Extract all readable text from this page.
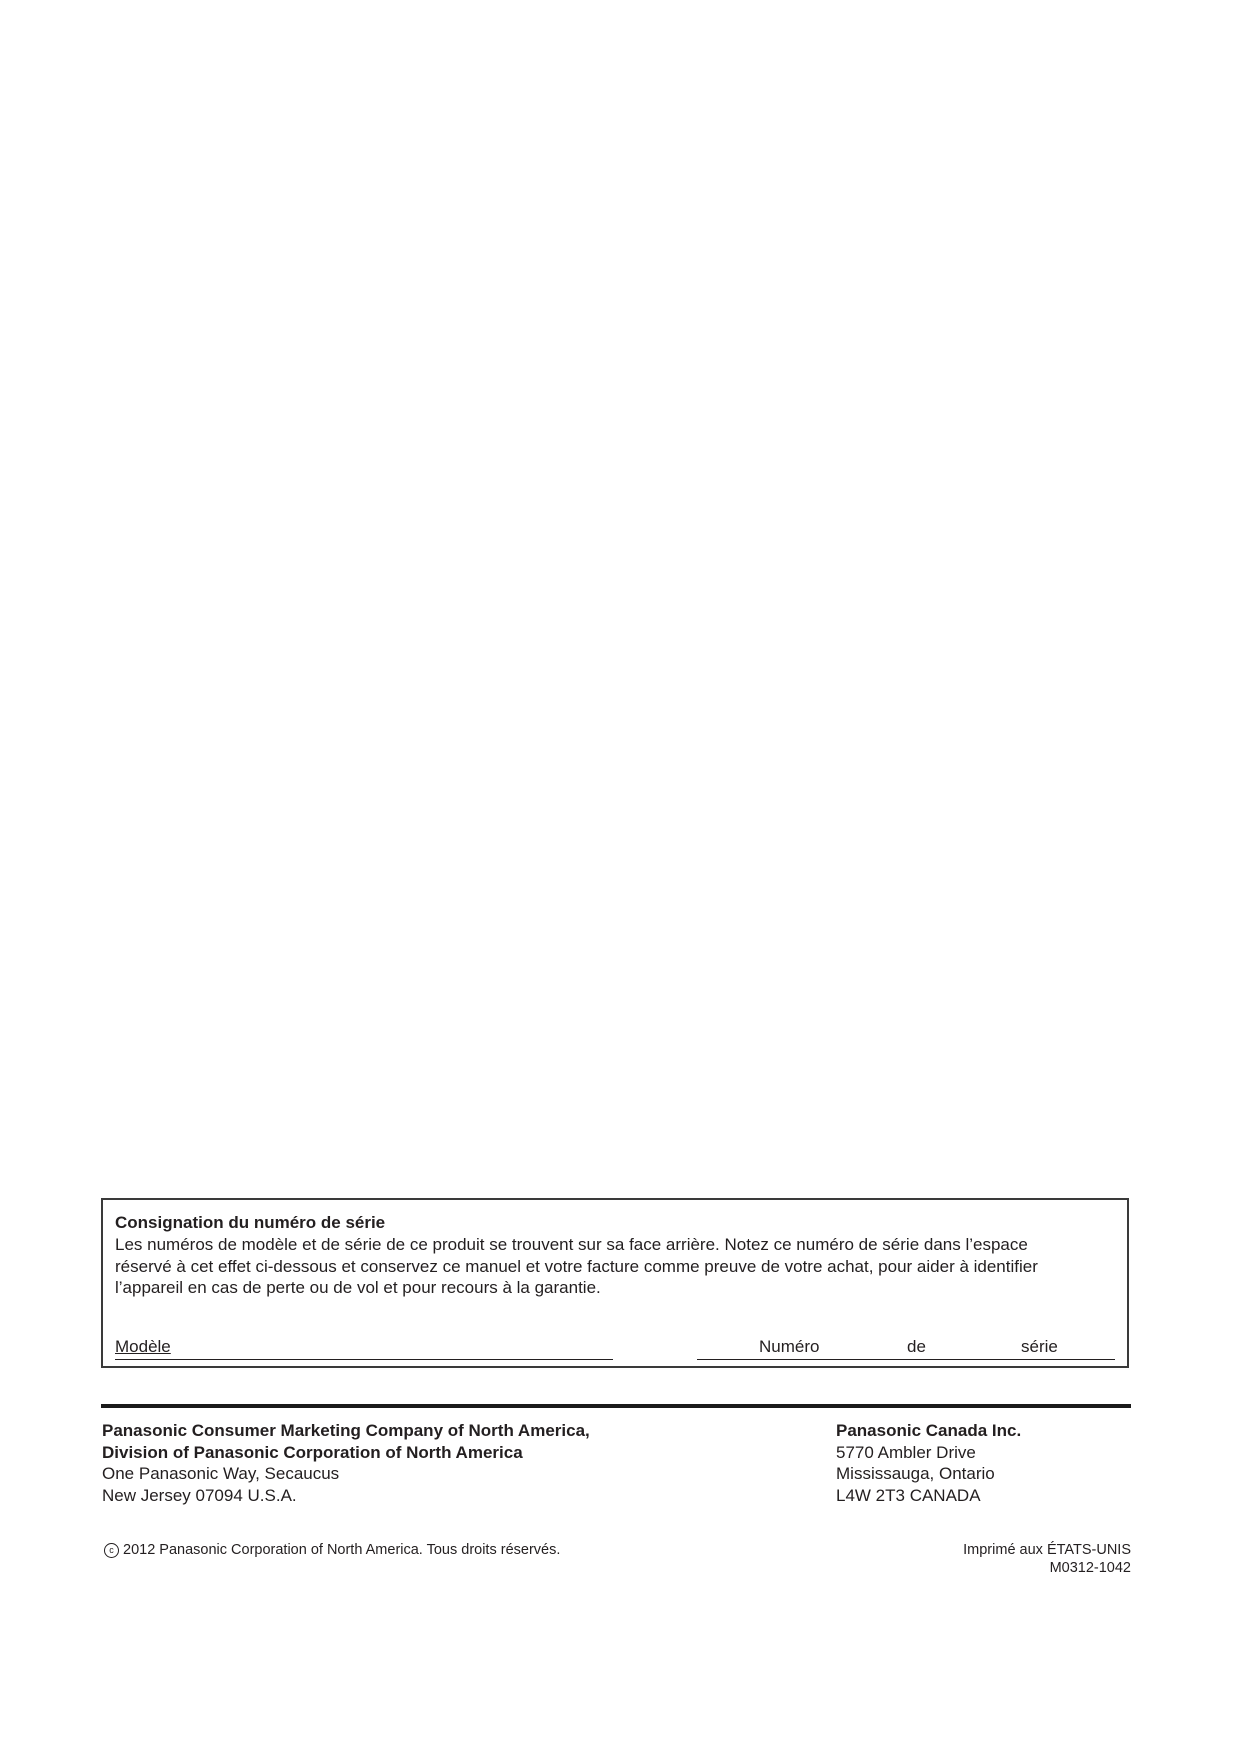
Consignation du numéro de série

Les numéros de modèle et de série de ce produit se trouvent sur sa face arrière. Notez ce numéro de série dans l’espace
réservé à cet effet ci-dessous et conservez ce manuel et votre facture comme preuve de votre achat, pour aider à identifier
l’appareil en cas de perte ou de vol et pour recours à la garantie.

Modèle	Numéro	de	série
Panasonic Consumer Marketing Company of North America,
Division of Panasonic Corporation of North America
One Panasonic Way, Secaucus
New Jersey 07094 U.S.A.
Panasonic Canada Inc.
5770 Ambler Drive
Mississauga, Ontario
L4W 2T3 CANADA
c 2012 Panasonic Corporation of North America. Tous droits réservés.	Imprimé aux ÉTATS-UNIS
M0312-1042
